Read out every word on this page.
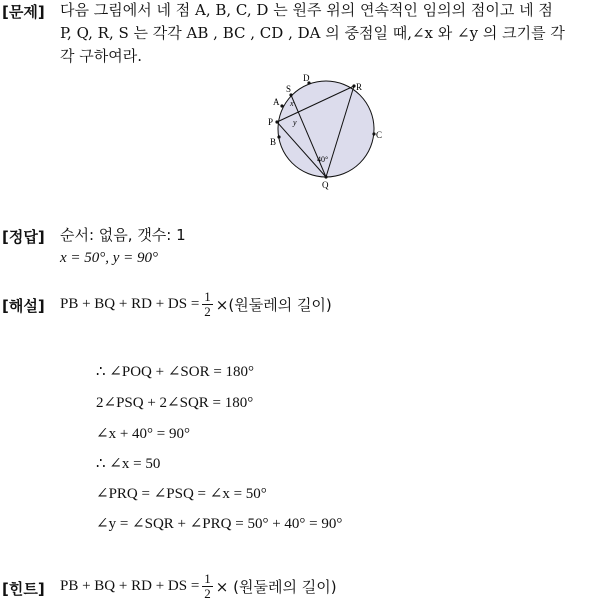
[문제] 다음 그림에서 네 점 A, B, C, D 는 원주 위의 연속적인 임의의 점이고 네 점
P, Q, R, S 는 각각 AB , BC , CD , DA 의 중점일 때,∠x 와 ∠y 의 크기를 각
각 구하여라.
D
S	R
A x
P y
B
C
40°
Q
[정답] 순서: 없음, 갯수: 1
x = 50°, y = 90°
[해설] PB + BQ + RD + DS = $\frac{1}{2}$ ×(원둘레의 길이)
∴ ∠POQ + ∠SOR = 180°
2∠PSQ + 2∠SQR = 180°
∠x + 40° = 90°
∴ ∠x = 50
∠PRQ = ∠PSQ = ∠x = 50°
∠y = ∠SQR + ∠PRQ = 50° + 40° = 90°
[힌트] PB + BQ + RD + DS = $\frac{1}{2}$ × (원둘레의 길이)
